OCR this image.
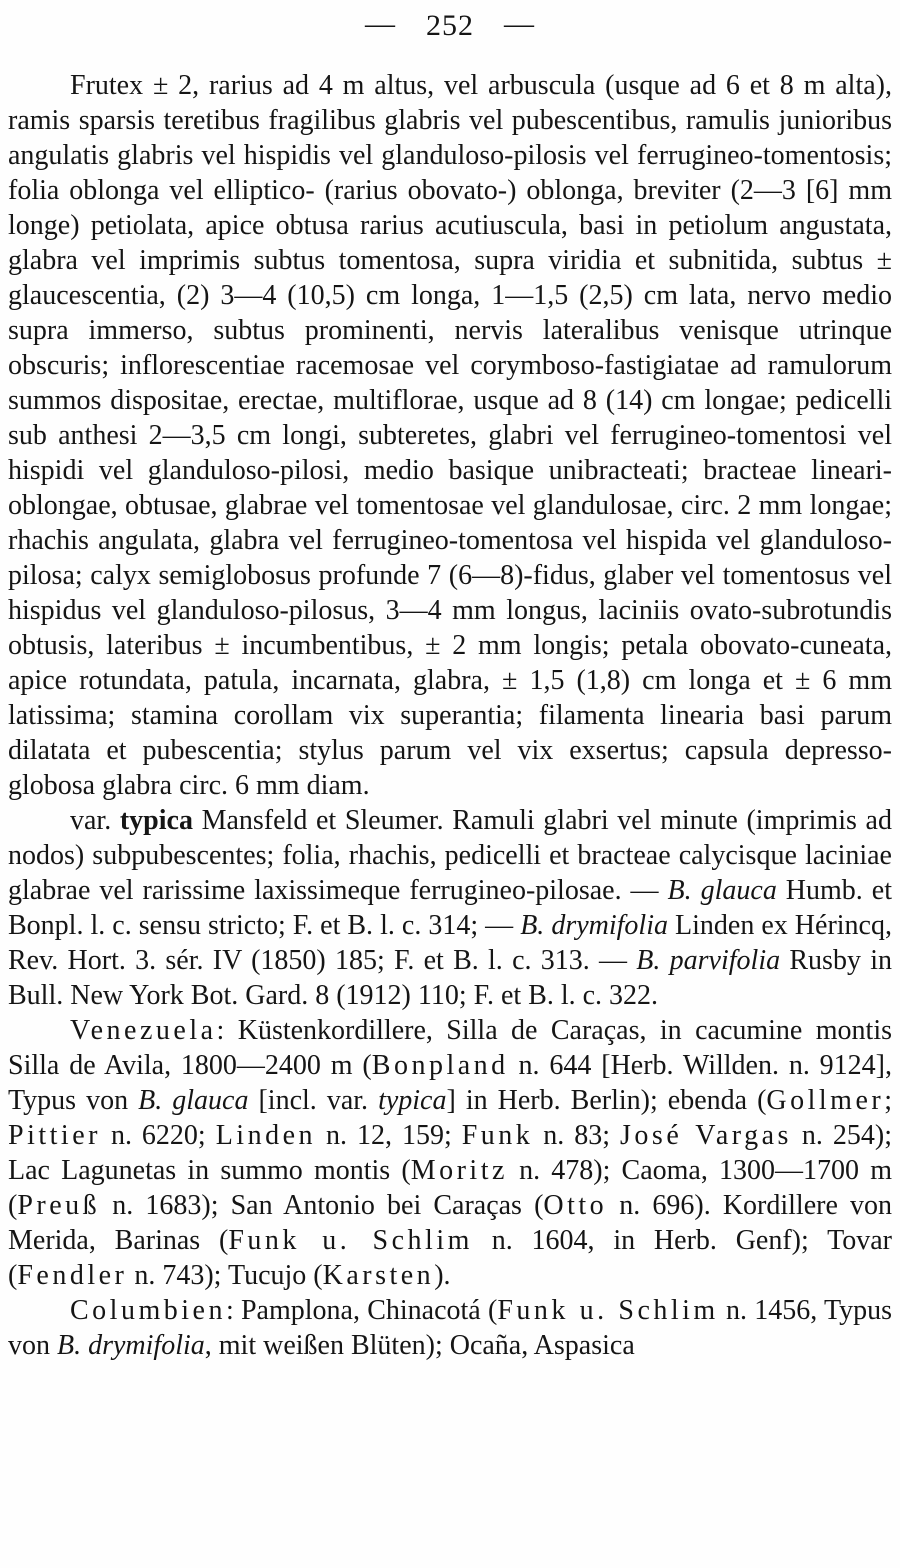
— 252 —

Frutex ± 2, rarius ad 4 m altus, vel arbuscula (usque ad 6 et 8 m alta), ramis sparsis teretibus fragilibus glabris vel pubescentibus, ramulis junioribus angulatis glabris vel hispidis vel glanduloso-pilosis vel ferrugineo-tomentosis; folia oblonga vel elliptico- (rarius obovato-) oblonga, breviter (2—3 [6] mm longe) petiolata, apice obtusa rarius acutiuscula, basi in petiolum angustata, glabra vel imprimis subtus tomentosa, supra viridia et subnitida, subtus ± glaucescentia, (2) 3—4 (10,5) cm longa, 1—1,5 (2,5) cm lata, nervo medio supra immerso, subtus prominenti, nervis lateralibus venisque utrinque obscuris; inflorescentiae racemosae vel corymboso-fastigiatae ad ramulorum summos dispositae, erectae, multiflorae, usque ad 8 (14) cm longae; pedicelli sub anthesi 2—3,5 cm longi, subteretes, glabri vel ferrugineo-tomentosi vel hispidi vel glanduloso-pilosi, medio basique unibracteati; bracteae lineari-oblongae, obtusae, glabrae vel tomentosae vel glandulosae, circ. 2 mm longae; rhachis angulata, glabra vel ferrugineo-tomentosa vel hispida vel glanduloso-pilosa; calyx semiglobosus profunde 7 (6—8)-fidus, glaber vel tomentosus vel hispidus vel glanduloso-pilosus, 3—4 mm longus, laciniis ovato-subrotundis obtusis, lateribus ± incumbentibus, ± 2 mm longis; petala obovato-cuneata, apice rotundata, patula, incarnata, glabra, ± 1,5 (1,8) cm longa et ± 6 mm latissima; stamina corollam vix superantia; filamenta linearia basi parum dilatata et pubescentia; stylus parum vel vix exsertus; capsula depresso-globosa glabra circ. 6 mm diam.

var. typica Mansfeld et Sleumer. Ramuli glabri vel minute (imprimis ad nodos) subpubescentes; folia, rhachis, pedicelli et bracteae calycisque laciniae glabrae vel rarissime laxissimeque ferrugineo-pilosae. — B. glauca Humb. et Bonpl. l. c. sensu stricto; F. et B. l. c. 314; — B. drymifolia Linden ex Hérincq, Rev. Hort. 3. sér. IV (1850) 185; F. et B. l. c. 313. — B. parvifolia Rusby in Bull. New York Bot. Gard. 8 (1912) 110; F. et B. l. c. 322.

Venezuela: Küstenkordillere, Silla de Caraças, in cacumine montis Silla de Avila, 1800—2400 m (Bonpland n. 644 [Herb. Willden. n. 9124], Typus von B. glauca [incl. var. typica] in Herb. Berlin); ebenda (Gollmer; Pittier n. 6220; Linden n. 12, 159; Funk n. 83; José Vargas n. 254); Lac Lagunetas in summo montis (Moritz n. 478); Caoma, 1300—1700 m (Preuß n. 1683); San Antonio bei Caraças (Otto n. 696). Kordillere von Merida, Barinas (Funk u. Schlim n. 1604, in Herb. Genf); Tovar (Fendler n. 743); Tucujo (Karsten).

Columbien: Pamplona, Chinacotá (Funk u. Schlim n. 1456, Typus von B. drymifolia, mit weißen Blüten); Ocaña, Aspasica
